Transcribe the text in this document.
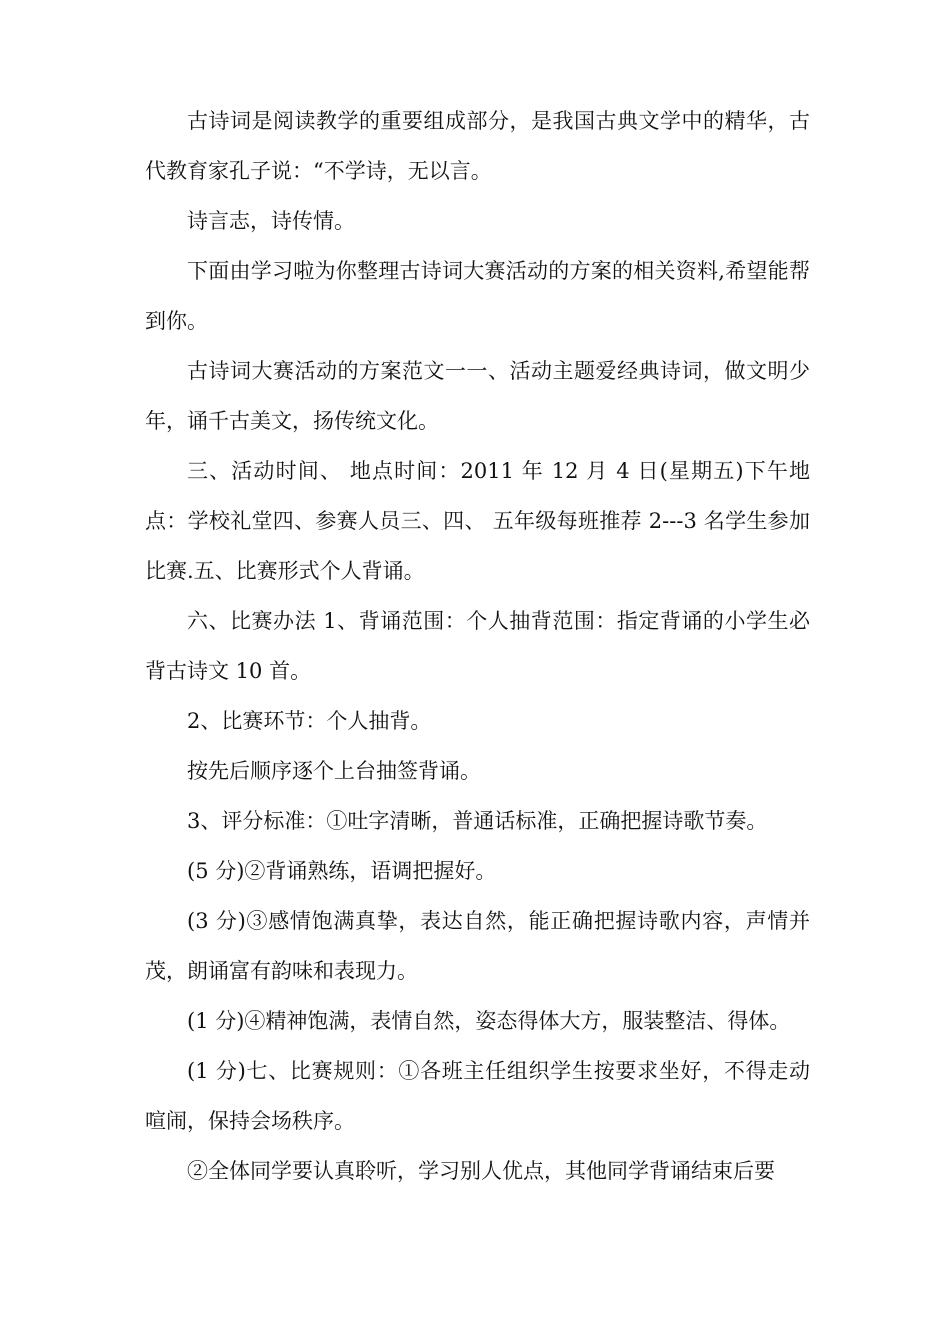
古诗词是阅读教学的重要组成部分，是我国古典文学中的精华，古代教育家孔子说：“不学诗，无以言。

诗言志，诗传情。

下面由学习啦为你整理古诗词大赛活动的方案的相关资料,希望能帮到你。

古诗词大赛活动的方案范文一一、活动主题爱经典诗词，做文明少年，诵千古美文，扬传统文化。

三、活动时间、 地点时间：2011 年 12 月 4 日(星期五)下午地点：学校礼堂四、参赛人员三、四、 五年级每班推荐 2---3 名学生参加比赛.五、比赛形式个人背诵。

六、比赛办法 1、背诵范围：个人抽背范围：指定背诵的小学生必背古诗文 10 首。

2、比赛环节：个人抽背。

按先后顺序逐个上台抽签背诵。

3、评分标准：①吐字清晰，普通话标准，正确把握诗歌节奏。

(5 分)②背诵熟练，语调把握好。

(3 分)③感情饱满真挚，表达自然，能正确把握诗歌内容，声情并茂，朗诵富有韵味和表现力。

(1 分)④精神饱满，表情自然，姿态得体大方，服装整洁、得体。

(1 分)七、比赛规则：①各班主任组织学生按要求坐好，不得走动喧闹，保持会场秩序。

②全体同学要认真聆听，学习别人优点，其他同学背诵结束后要
